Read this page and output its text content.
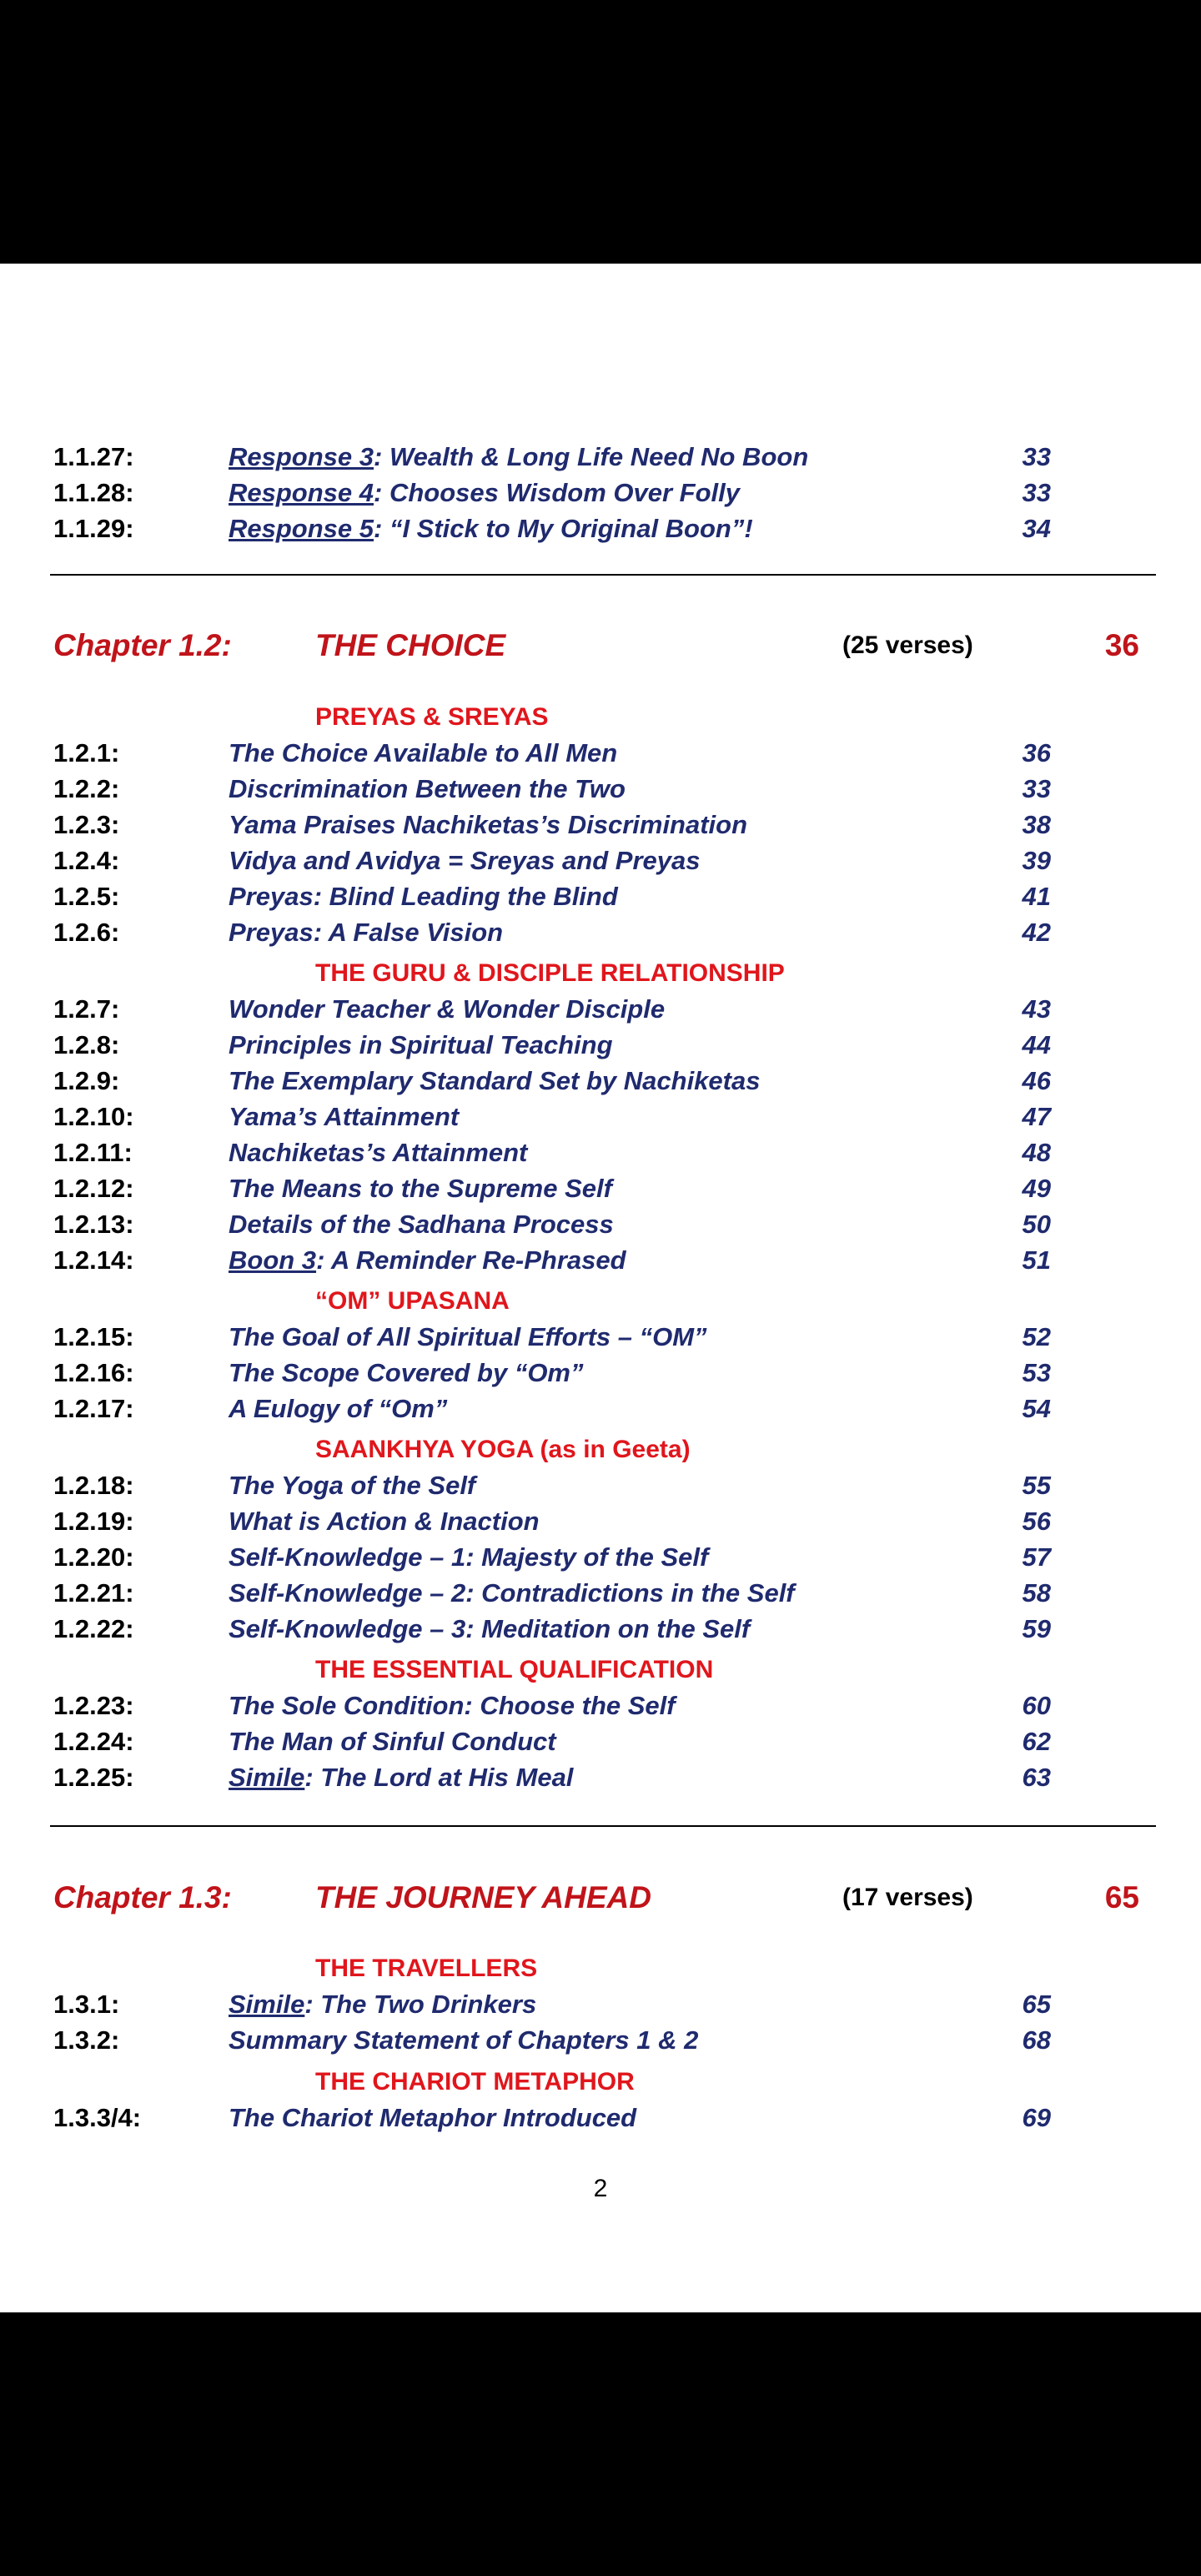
1.1.27:	Response 3: Wealth & Long Life Need No Boon	33
1.1.28:	Response 4: Chooses Wisdom Over Folly	33
1.1.29:	Response 5: “I Stick to My Original Boon”!	34
Chapter 1.2:	THE CHOICE	(25 verses)	36
PREYAS & SREYAS
1.2.1:	The Choice Available to All Men	36
1.2.2:	Discrimination Between the Two	33
1.2.3:	Yama Praises Nachiketas’s Discrimination	38
1.2.4:	Vidya and Avidya = Sreyas and Preyas	39
1.2.5:	Preyas: Blind Leading the Blind	41
1.2.6:	Preyas: A False Vision	42
THE GURU & DISCIPLE RELATIONSHIP
1.2.7:	Wonder Teacher & Wonder Disciple	43
1.2.8:	Principles in Spiritual Teaching	44
1.2.9:	The Exemplary Standard Set by Nachiketas	46
1.2.10:	Yama’s Attainment	47
1.2.11:	Nachiketas’s Attainment	48
1.2.12:	The Means to the Supreme Self	49
1.2.13:	Details of the Sadhana Process	50
1.2.14:	Boon 3: A Reminder Re-Phrased	51
“OM” UPASANA
1.2.15:	The Goal of All Spiritual Efforts – “OM”	52
1.2.16:	The Scope Covered by “Om”	53
1.2.17:	A Eulogy of “Om”	54
SAANKHYA YOGA (as in Geeta)
1.2.18:	The Yoga of the Self	55
1.2.19:	What is Action & Inaction	56
1.2.20:	Self-Knowledge – 1: Majesty of the Self	57
1.2.21:	Self-Knowledge – 2: Contradictions in the Self	58
1.2.22:	Self-Knowledge – 3: Meditation on the Self	59
THE ESSENTIAL QUALIFICATION
1.2.23:	The Sole Condition: Choose the Self	60
1.2.24:	The Man of Sinful Conduct	62
1.2.25:	Simile: The Lord at His Meal	63
Chapter 1.3:	THE JOURNEY AHEAD	(17 verses)	65
THE TRAVELLERS
1.3.1:	Simile: The Two Drinkers	65
1.3.2:	Summary Statement of Chapters 1 & 2	68
THE CHARIOT METAPHOR
1.3.3/4:	The Chariot Metaphor Introduced	69
2
